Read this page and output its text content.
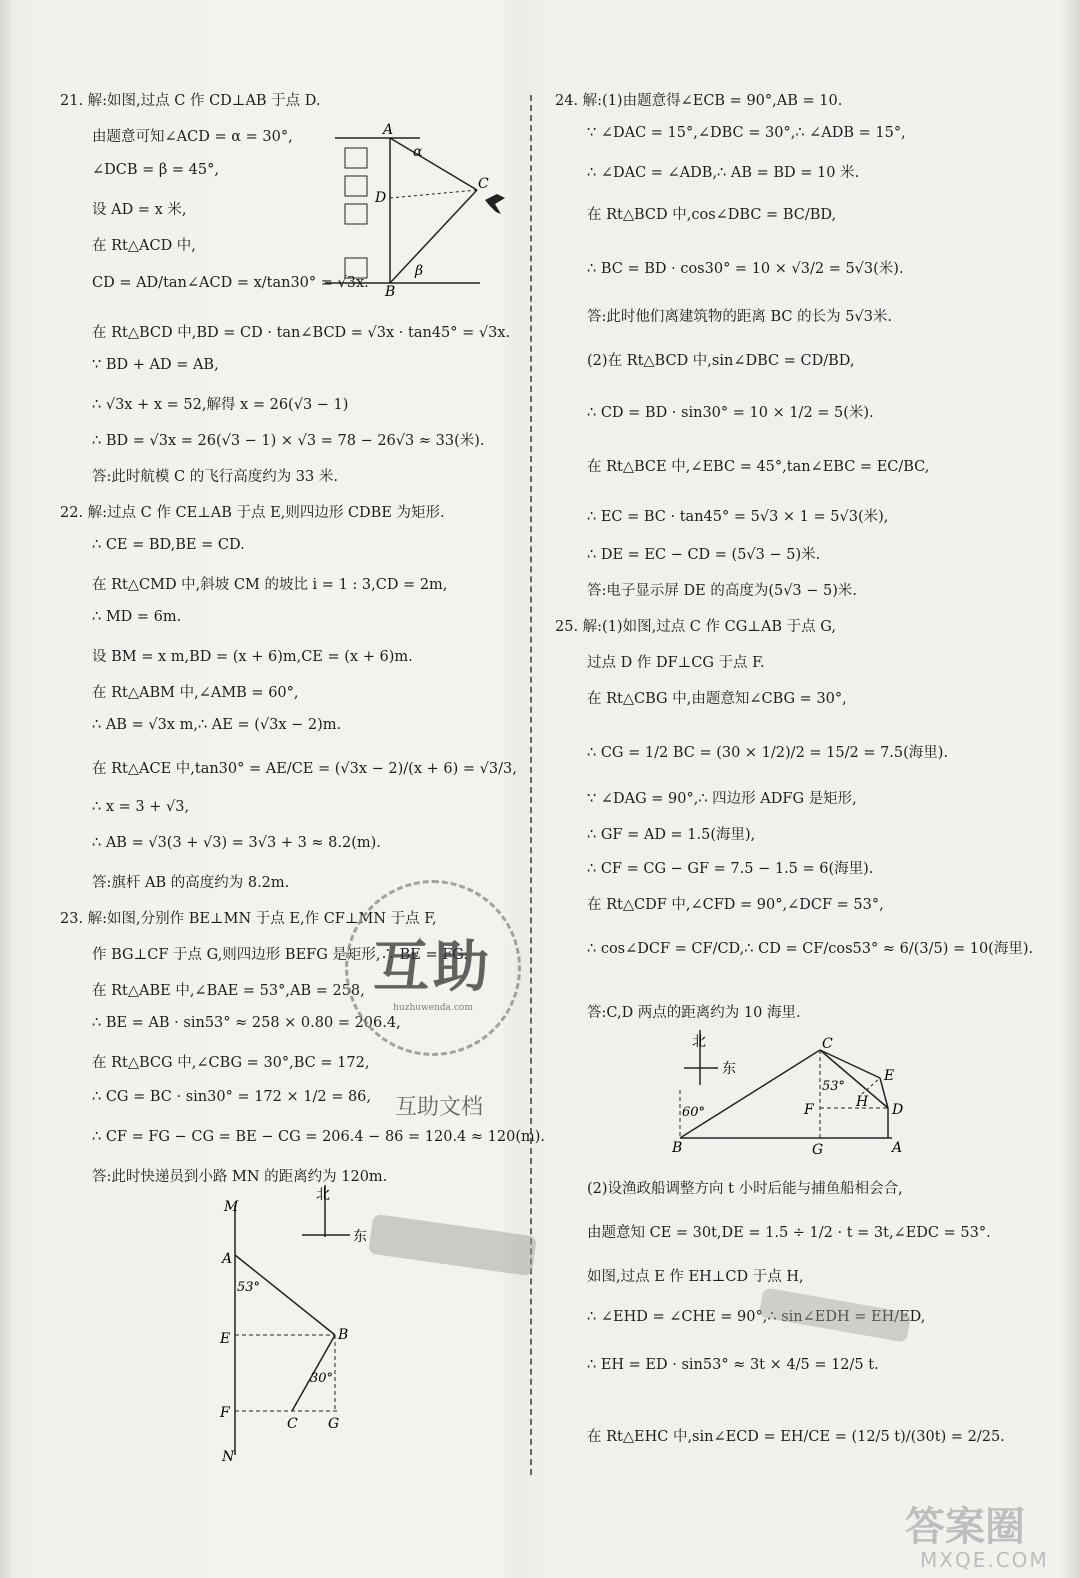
21. 解:如图,过点 C 作 CD⊥AB 于点 D.
由题意可知∠ACD = α = 30°,
∠DCB = β = 45°,
设 AD = x 米,
在 Rt△ACD 中,
CD = AD/tan∠ACD = x/tan30° = √3x.
在 Rt△BCD 中,BD = CD · tan∠BCD = √3x · tan45° = √3x.
∵ BD + AD = AB,
∴ √3x + x = 52,解得 x = 26(√3 − 1)
∴ BD = √3x = 26(√3 − 1) × √3 = 78 − 26√3 ≈ 33(米).
答:此时航模 C 的飞行高度约为 33 米.
22. 解:过点 C 作 CE⊥AB 于点 E,则四边形 CDBE 为矩形.
∴ CE = BD,BE = CD.
在 Rt△CMD 中,斜坡 CM 的坡比 i = 1 : 3,CD = 2m,
∴ MD = 6m.
设 BM = x m,BD = (x + 6)m,CE = (x + 6)m.
在 Rt△ABM 中,∠AMB = 60°,
∴ AB = √3x m,∴ AE = (√3x − 2)m.
在 Rt△ACE 中,tan30° = AE/CE = (√3x − 2)/(x + 6) = √3/3,
∴ x = 3 + √3,
∴ AB = √3(3 + √3) = 3√3 + 3 ≈ 8.2(m).
答:旗杆 AB 的高度约为 8.2m.
23. 解:如图,分别作 BE⊥MN 于点 E,作 CF⊥MN 于点 F,
作 BG⊥CF 于点 G,则四边形 BEFG 是矩形,∴ BE = FG.
在 Rt△ABE 中,∠BAE = 53°,AB = 258,
∴ BE = AB · sin53° ≈ 258 × 0.80 = 206.4,
在 Rt△BCG 中,∠CBG = 30°,BC = 172,
∴ CG = BC · sin30° = 172 × 1/2 = 86,
∴ CF = FG − CG = BE − CG = 206.4 − 86 = 120.4 ≈ 120(m).
答:此时快递员到小路 MN 的距离约为 120m.
A
B
C
D
α
β
M
N
A
B
C
E
F
G
53°
30°
北
东
24. 解:(1)由题意得∠ECB = 90°,AB = 10.
∵ ∠DAC = 15°,∠DBC = 30°,∴ ∠ADB = 15°,
∴ ∠DAC = ∠ADB,∴ AB = BD = 10 米.
在 Rt△BCD 中,cos∠DBC = BC/BD,
∴ BC = BD · cos30° = 10 × √3/2 = 5√3(米).
答:此时他们离建筑物的距离 BC 的长为 5√3米.
(2)在 Rt△BCD 中,sin∠DBC = CD/BD,
∴ CD = BD · sin30° = 10 × 1/2 = 5(米).
在 Rt△BCE 中,∠EBC = 45°,tan∠EBC = EC/BC,
∴ EC = BC · tan45° = 5√3 × 1 = 5√3(米),
∴ DE = EC − CD = (5√3 − 5)米.
答:电子显示屏 DE 的高度为(5√3 − 5)米.
25. 解:(1)如图,过点 C 作 CG⊥AB 于点 G,
过点 D 作 DF⊥CG 于点 F.
在 Rt△CBG 中,由题意知∠CBG = 30°,
∴ CG = 1/2 BC = (30 × 1/2)/2 = 15/2 = 7.5(海里).
∵ ∠DAG = 90°,∴ 四边形 ADFG 是矩形,
∴ GF = AD = 1.5(海里),
∴ CF = CG − GF = 7.5 − 1.5 = 6(海里).
在 Rt△CDF 中,∠CFD = 90°,∠DCF = 53°,
∴ cos∠DCF = CF/CD,∴ CD = CF/cos53° ≈ 6/(3/5) = 10(海里).
答:C,D 两点的距离约为 10 海里.
(2)设渔政船调整方向 t 小时后能与捕鱼船相会合,
由题意知 CE = 30t,DE = 1.5 ÷ 1/2 · t = 3t,∠EDC = 53°.
如图,过点 E 作 EH⊥CD 于点 H,
∴ ∠EHD = ∠CHE = 90°,∴ sin∠EDH = EH/ED,
∴ EH = ED · sin53° ≈ 3t × 4/5 = 12/5 t.
在 Rt△EHC 中,sin∠ECD = EH/CE = (12/5 t)/(30t) = 2/25.
北
东
A
B
C
D
E
F
G
H
60°
53°
互助
huzhuwenda.com
互助文档
答案圈
MXQE.COM
